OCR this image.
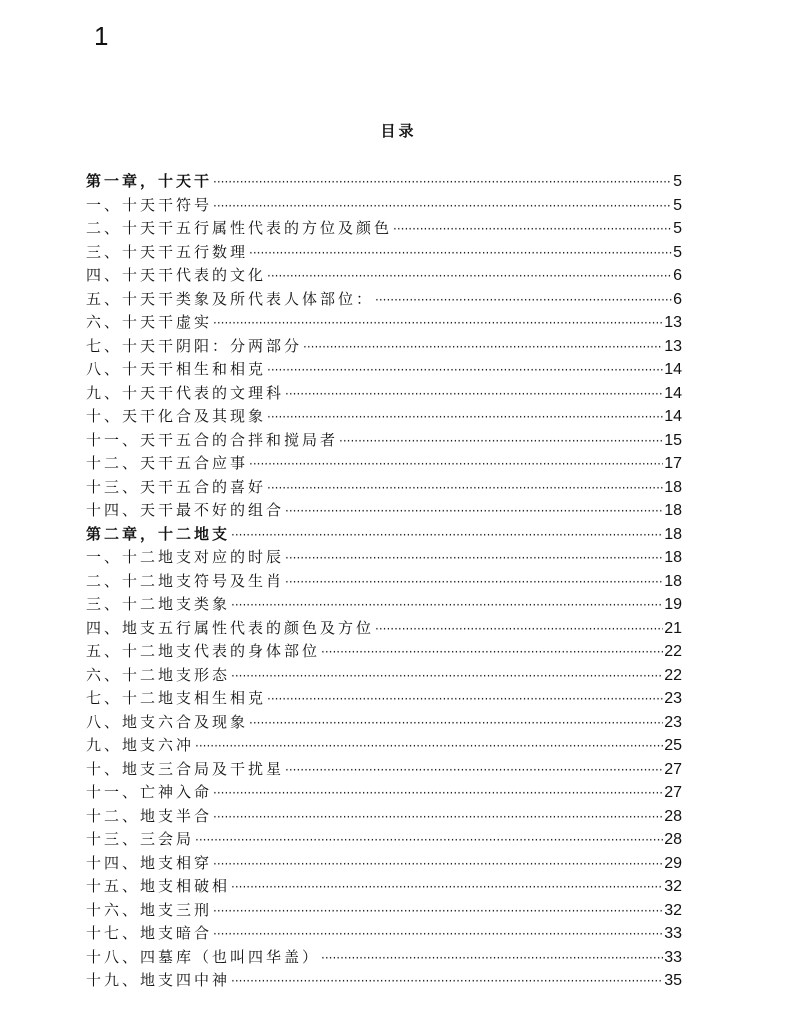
1
目录
第一章，十天干 ·····	5
一、十天干符号 ·····	5
二、十天干五行属性代表的方位及颜色 ·····	5
三、十天干五行数理 ·····	5
四、十天干代表的文化 ·····	6
五、十天干类象及所代表人体部位： ·····	6
六、十天干虚实 ·····	13
七、十天干阴阳：分两部分 ·····	13
八、十天干相生和相克 ·····	14
九、十天干代表的文理科 ·····	14
十、天干化合及其现象 ·····	14
十一、天干五合的合拌和搅局者 ·····	15
十二、天干五合应事 ·····	17
十三、天干五合的喜好 ·····	18
十四、天干最不好的组合 ·····	18
第二章，十二地支 ·····	18
一、十二地支对应的时辰 ·····	18
二、十二地支符号及生肖 ·····	18
三、十二地支类象 ·····	19
四、地支五行属性代表的颜色及方位 ·····	21
五、十二地支代表的身体部位 ·····	22
六、十二地支形态 ·····	22
七、十二地支相生相克 ·····	23
八、地支六合及现象 ·····	23
九、地支六冲 ·····	25
十、地支三合局及干扰星 ·····	27
十一、亡神入命 ·····	27
十二、地支半合 ·····	28
十三、三会局 ·····	28
十四、地支相穿 ·····	29
十五、地支相破相 ·····	32
十六、地支三刑 ·····	32
十七、地支暗合 ·····	33
十八、四墓库（也叫四华盖） ·····	33
十九、地支四中神 ·····	35
